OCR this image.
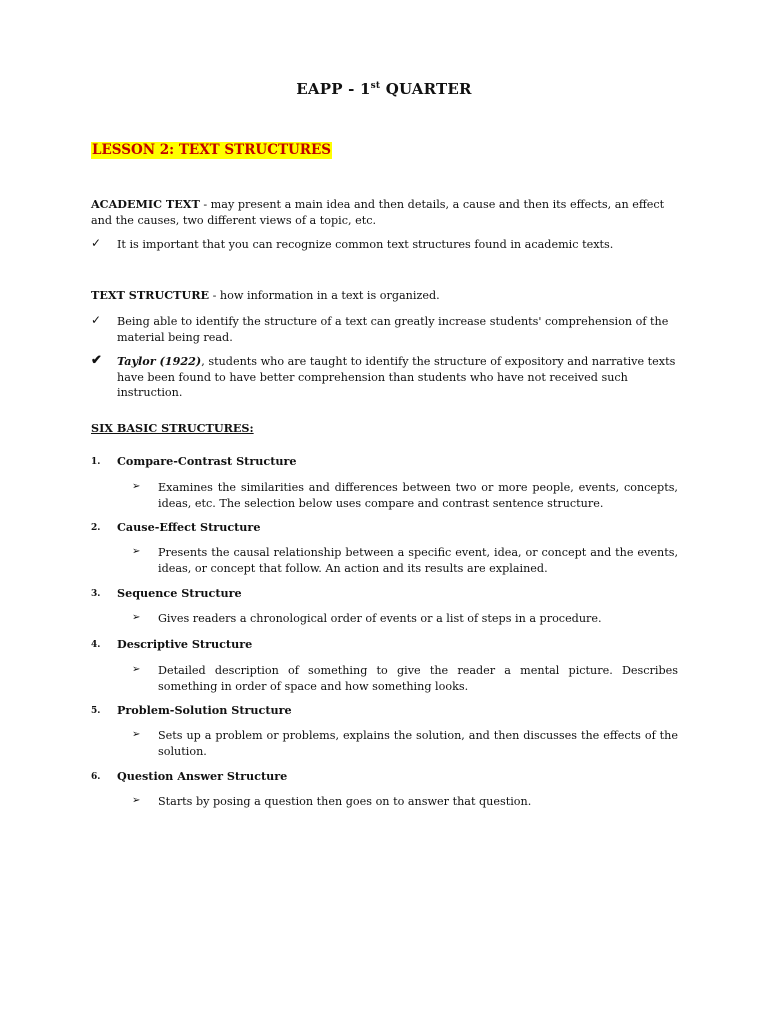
EAPP - 1st QUARTER
LESSON 2: TEXT STRUCTURES
ACADEMIC TEXT - may present a main idea and then details, a cause and then its effects, an effect and the causes, two different views of a topic, etc.
✓ It is important that you can recognize common text structures found in academic texts.
TEXT STRUCTURE - how information in a text is organized.
✓ Being able to identify the structure of a text can greatly increase students' comprehension of the material being read.
✔ Taylor (1922), students who are taught to identify the structure of expository and narrative texts have been found to have better comprehension than students who have not received such instruction.
SIX BASIC STRUCTURES:
1. Compare-Contrast Structure
➢ Examines the similarities and differences between two or more people, events, concepts, ideas, etc. The selection below uses compare and contrast sentence structure.
2. Cause-Effect Structure
➢ Presents the causal relationship between a specific event, idea, or concept and the events, ideas, or concept that follow. An action and its results are explained.
3. Sequence Structure
➢ Gives readers a chronological order of events or a list of steps in a procedure.
4. Descriptive Structure
➢ Detailed description of something to give the reader a mental picture. Describes something in order of space and how something looks.
5. Problem-Solution Structure
➢ Sets up a problem or problems, explains the solution, and then discusses the effects of the solution.
6. Question Answer Structure
➢ Starts by posing a question then goes on to answer that question.
